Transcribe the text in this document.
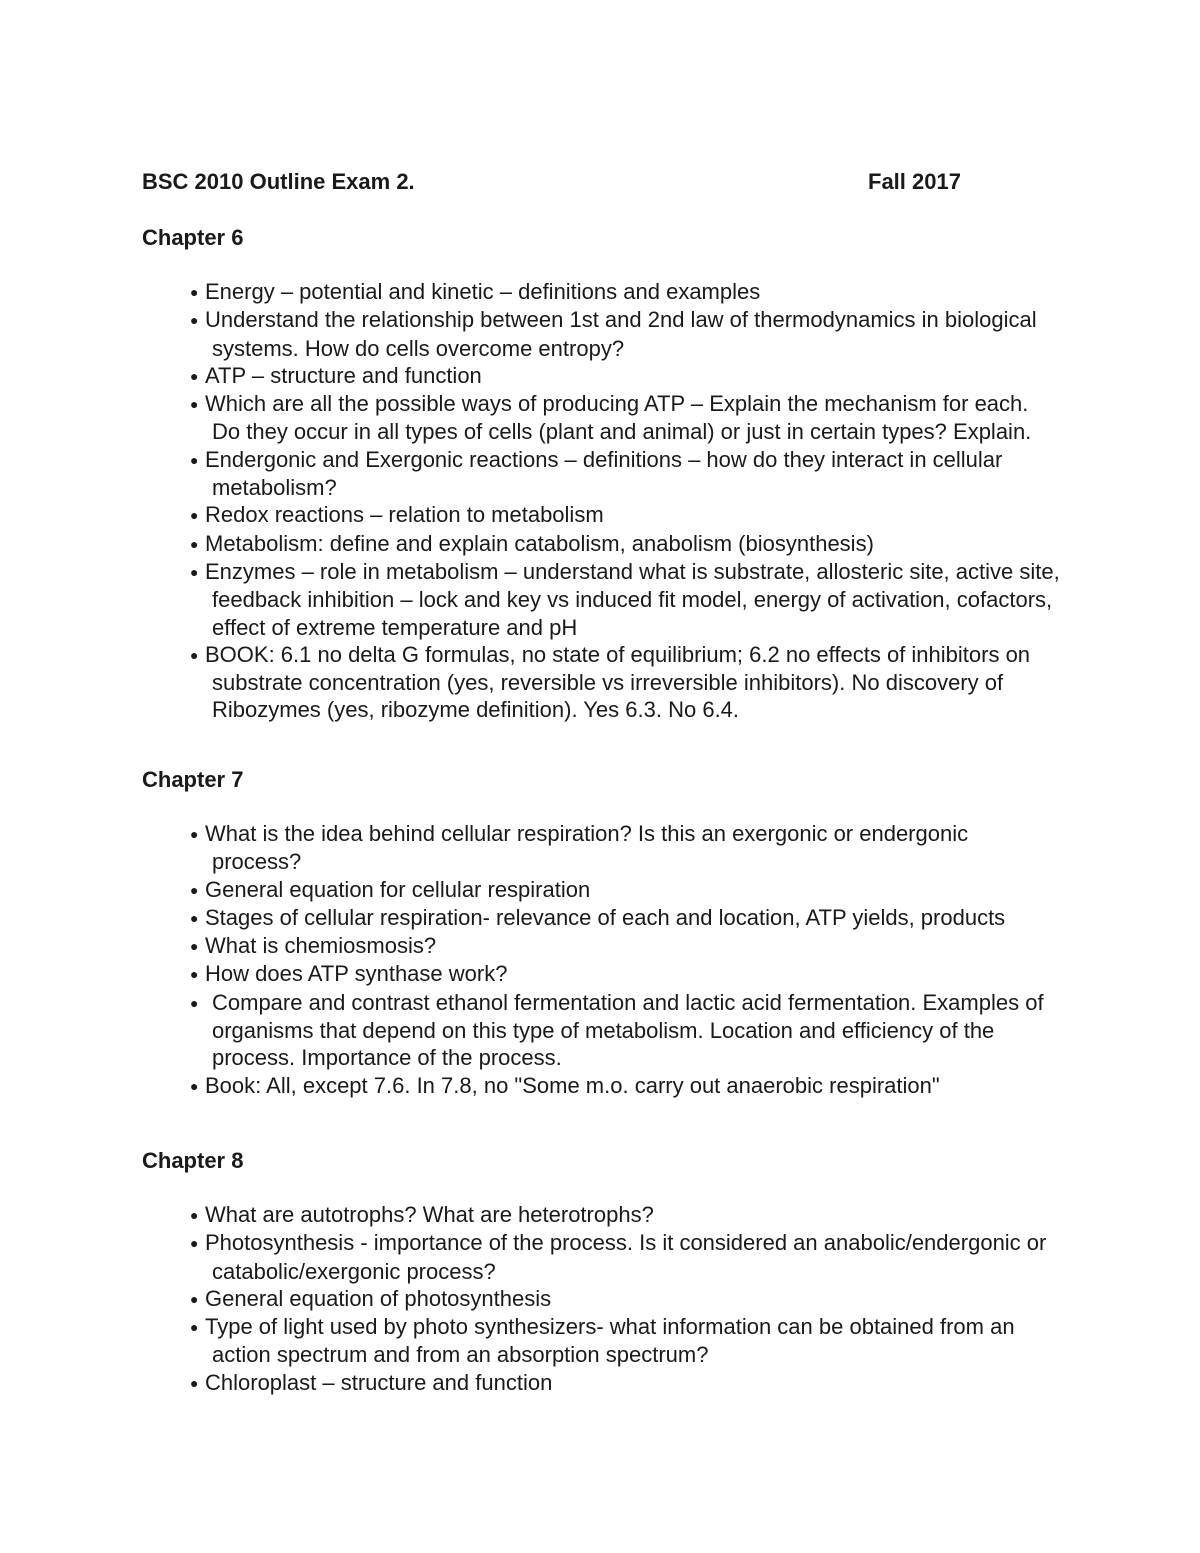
BSC 2010 Outline Exam 2.	Fall 2017
Chapter 6
● Energy – potential and kinetic – definitions and examples
● Understand the relationship between 1st and 2nd law of thermodynamics in biological systems. How do cells overcome entropy?
● ATP – structure and function
● Which are all the possible ways of producing ATP – Explain the mechanism for each. Do they occur in all types of cells (plant and animal) or just in certain types? Explain.
● Endergonic and Exergonic reactions – definitions – how do they interact in cellular metabolism?
● Redox reactions – relation to metabolism
● Metabolism: define and explain catabolism, anabolism (biosynthesis)
● Enzymes – role in metabolism – understand what is substrate, allosteric site, active site, feedback inhibition – lock and key vs induced fit model, energy of activation, cofactors, effect of extreme temperature and pH
● BOOK: 6.1 no delta G formulas, no state of equilibrium; 6.2 no effects of inhibitors on substrate concentration (yes, reversible vs irreversible inhibitors). No discovery of Ribozymes (yes, ribozyme definition). Yes 6.3. No 6.4.
Chapter 7
● What is the idea behind cellular respiration? Is this an exergonic or endergonic process?
● General equation for cellular respiration
● Stages of cellular respiration- relevance of each and location, ATP yields, products
● What is chemiosmosis?
● How does ATP synthase work?
● Compare and contrast ethanol fermentation and lactic acid fermentation. Examples of organisms that depend on this type of metabolism. Location and efficiency of the process. Importance of the process.
● Book: All, except 7.6. In 7.8, no "Some m.o. carry out anaerobic respiration"
Chapter 8
● What are autotrophs? What are heterotrophs?
● Photosynthesis - importance of the process. Is it considered an anabolic/endergonic or catabolic/exergonic process?
● General equation of photosynthesis
● Type of light used by photo synthesizers- what information can be obtained from an action spectrum and from an absorption spectrum?
● Chloroplast – structure and function
